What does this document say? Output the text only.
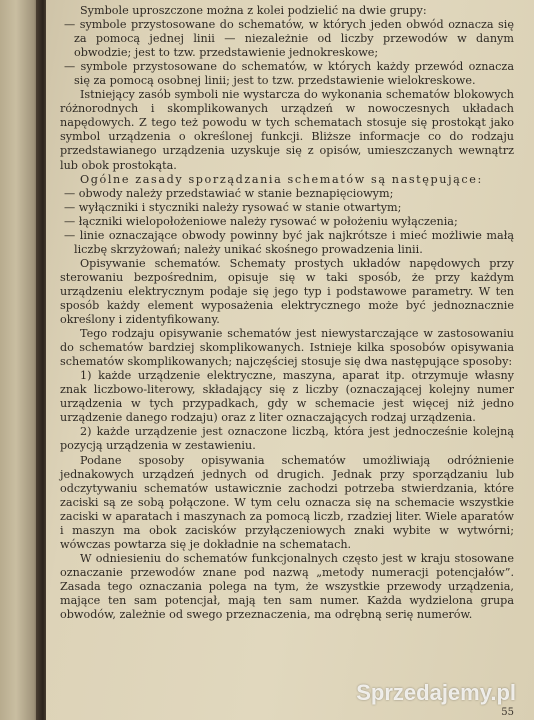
Symbole uproszczone można z kolei podzielić na dwie grupy:

— symbole przystosowane do schematów, w których jeden obwód oznacza się za pomocą jednej linii — niezależnie od liczby przewodów w danym obwodzie; jest to tzw. przedstawienie jednokreskowe;

— symbole przystosowane do schematów, w których każdy przewód oznacza się za pomocą osobnej linii; jest to tzw. przedstawienie wielokreskowe.

Istniejący zasób symboli nie wystarcza do wykonania schematów blokowych różnorodnych i skomplikowanych urządzeń w nowoczesnych układach napędowych. Z tego też powodu w tych schematach stosuje się prostokąt jako symbol urządzenia o określonej funkcji. Bliższe informacje co do rodzaju przedstawianego urządzenia uzyskuje się z opisów, umieszczanych wewnątrz lub obok prostokąta.

Ogólne zasady sporządzania schematów są następujące:

— obwody należy przedstawiać w stanie beznapięciowym;

— wyłączniki i styczniki należy rysować w stanie otwartym;

— łączniki wielopołożeniowe należy rysować w położeniu wyłączenia;

— linie oznaczające obwody powinny być jak najkrótsze i mieć możliwie małą liczbę skrzyżowań; należy unikać skośnego prowadzenia linii.

Opisywanie schematów. Schematy prostych układów napędowych przy sterowaniu bezpośrednim, opisuje się w taki sposób, że przy każdym urządzeniu elektrycznym podaje się jego typ i podstawowe parametry. W ten sposób każdy element wyposażenia elektrycznego może być jednoznacznie określony i zidentyfikowany.

Tego rodzaju opisywanie schematów jest niewystarczające w zastosowaniu do schematów bardziej skomplikowanych. Istnieje kilka sposobów opisywania schematów skomplikowanych; najczęściej stosuje się dwa następujące sposoby:

1) każde urządzenie elektryczne, maszyna, aparat itp. otrzymuje własny znak liczbowo-literowy, składający się z liczby (oznaczającej kolejny numer urządzenia w tych przypadkach, gdy w schemacie jest więcej niż jedno urządzenie danego rodzaju) oraz z liter oznaczających rodzaj urządzenia.

2) każde urządzenie jest oznaczone liczbą, która jest jednocześnie kolejną pozycją urządzenia w zestawieniu.

Podane sposoby opisywania schematów umożliwiają odróżnienie jednakowych urządzeń jednych od drugich. Jednak przy sporządzaniu lub odczytywaniu schematów ustawicznie zachodzi potrzeba stwierdzania, które zaciski są ze sobą połączone. W tym celu oznacza się na schemacie wszystkie zaciski w aparatach i maszynach za pomocą liczb, rzadziej liter. Wiele aparatów i maszyn ma obok zacisków przyłączeniowych znaki wybite w wytwórni; wówczas powtarza się je dokładnie na schematach.

W odniesieniu do schematów funkcjonalnych często jest w kraju stosowane oznaczanie przewodów znane pod nazwą „metody numeracji potencjałów”. Zasada tego oznaczania polega na tym, że wszystkie przewody urządzenia, mające ten sam potencjał, mają ten sam numer. Każda wydzielona grupa obwodów, zależnie od swego przeznaczenia, ma odrębną serię numerów.

Sprzedajemy.pl
55
